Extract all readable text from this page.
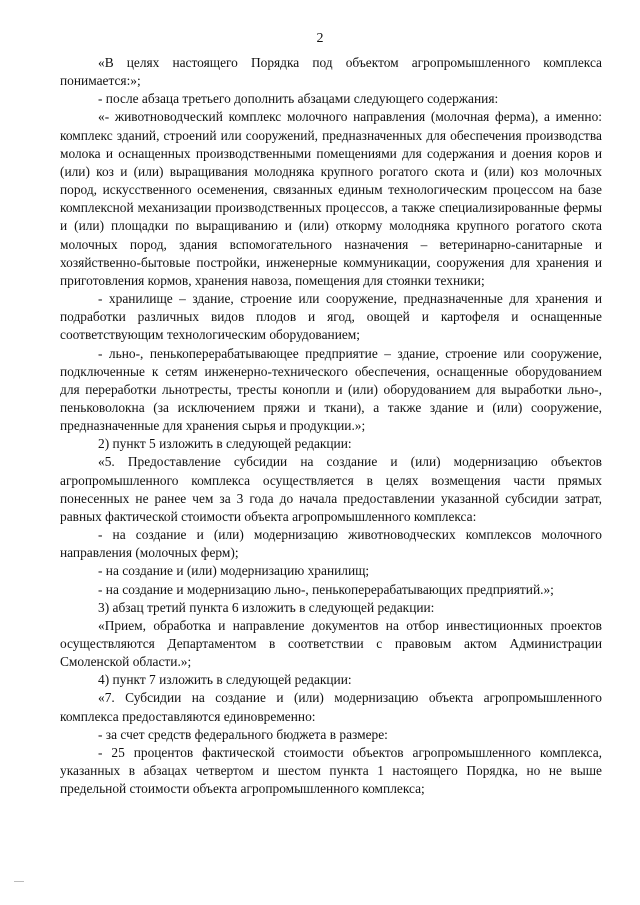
2

«В целях настоящего Порядка под объектом агропромышленного комплекса понимается:»;

- после абзаца третьего дополнить абзацами следующего содержания:

«- животноводческий комплекс молочного направления (молочная ферма), а именно: комплекс зданий, строений или сооружений, предназначенных для обеспечения производства молока и оснащенных производственными помещениями для содержания и доения коров и (или) коз и (или) выращивания молодняка крупного рогатого скота и (или) коз молочных пород, искусственного осеменения, связанных единым технологическим процессом на базе комплексной механизации производственных процессов, а также специализированные фермы и (или) площадки по выращиванию и (или) откорму молодняка крупного рогатого скота молочных пород, здания вспомогательного назначения – ветеринарно-санитарные и хозяйственно-бытовые постройки, инженерные коммуникации, сооружения для хранения и приготовления кормов, хранения навоза, помещения для стоянки техники;

- хранилище – здание, строение или сооружение, предназначенные для хранения и подработки различных видов плодов и ягод, овощей и картофеля и оснащенные соответствующим технологическим оборудованием;

- льно-, пенькоперерабатывающее предприятие – здание, строение или сооружение, подключенные к сетям инженерно-технического обеспечения, оснащенные оборудованием для переработки льнотресты, тресты конопли и (или) оборудованием для выработки льно-, пеньковолокна (за исключением пряжи и ткани), а также здание и (или) сооружение, предназначенные для хранения сырья и продукции.»;

2) пункт 5 изложить в следующей редакции:

«5. Предоставление субсидии на создание и (или) модернизацию объектов агропромышленного комплекса осуществляется в целях возмещения части прямых понесенных не ранее чем за 3 года до начала предоставлении указанной субсидии затрат, равных фактической стоимости объекта агропромышленного комплекса:

- на создание и (или) модернизацию животноводческих комплексов молочного направления (молочных ферм);

- на создание и (или) модернизацию хранилищ;

- на создание и модернизацию льно-, пенькоперерабатывающих предприятий.»;

3) абзац третий пункта 6 изложить в следующей редакции:

«Прием, обработка и направление документов на отбор инвестиционных проектов осуществляются Департаментом в соответствии с правовым актом Администрации Смоленской области.»;

4) пункт 7 изложить в следующей редакции:

«7. Субсидии на создание и (или) модернизацию объекта агропромышленного комплекса предоставляются единовременно:

- за счет средств федерального бюджета в размере:

- 25 процентов фактической стоимости объектов агропромышленного комплекса, указанных в абзацах четвертом и шестом пункта 1 настоящего Порядка, но не выше предельной стоимости объекта агропромышленного комплекса;
